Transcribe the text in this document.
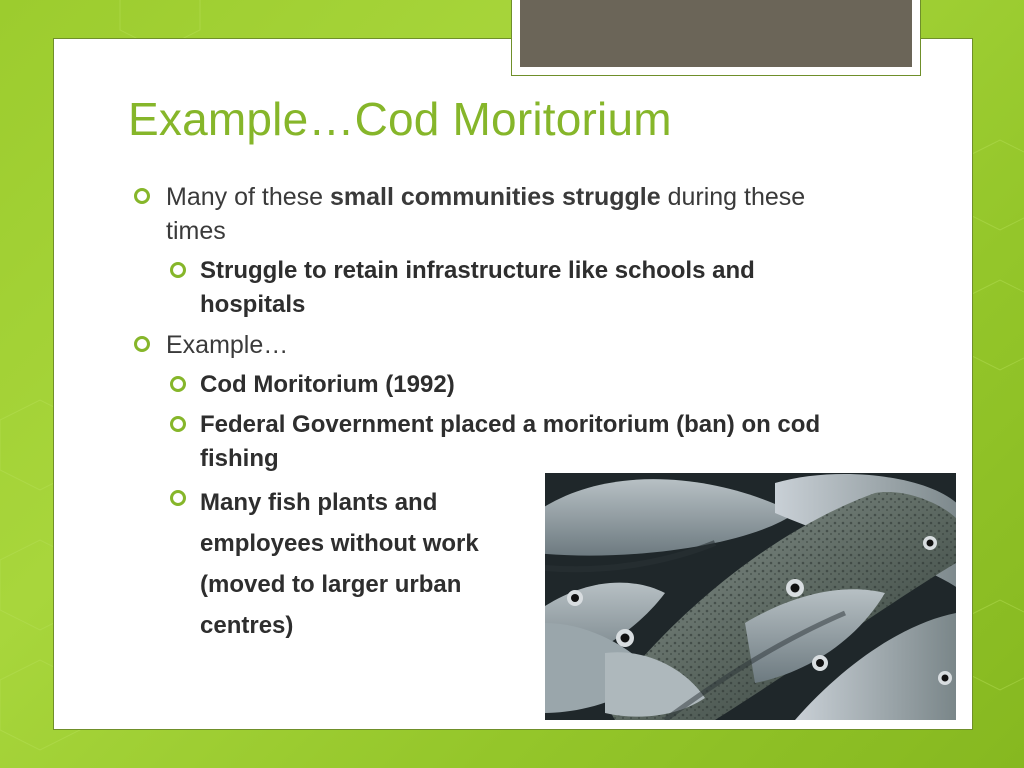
Example…Cod Moritorium
Many of these small communities struggle during these times
Struggle to retain infrastructure like schools and hospitals
Example…
Cod Moritorium (1992)
Federal Government placed a moritorium (ban) on cod fishing
Many fish plants and employees without work (moved to larger urban centres)
